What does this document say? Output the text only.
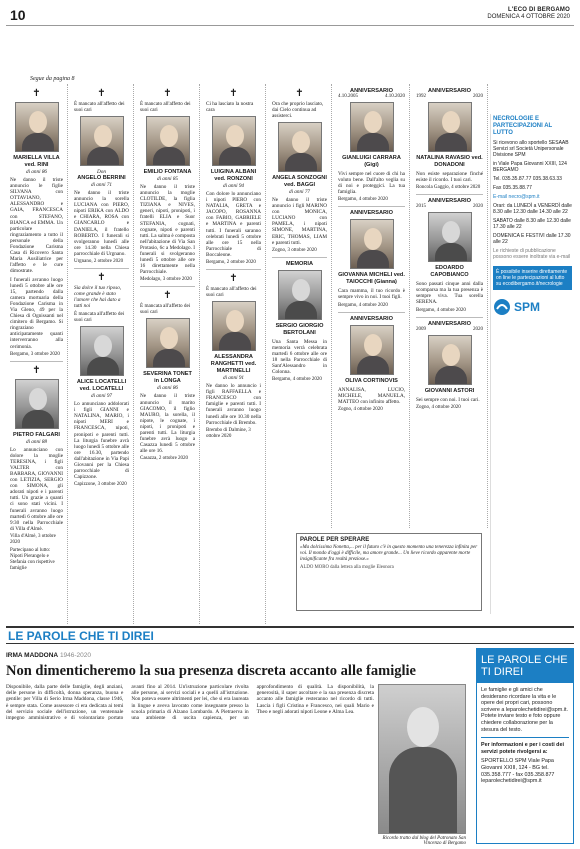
10	L'ECO DI BERGAMO
DOMENICA 4 OTTOBRE 2020
Segue da pagina 8
✝
MARIELLA VILLA ved. RINI
di anni 86
Ne danno il triste annuncio le figlie SILVANA con OTTAVIANO, ALESSANDRO e GAIA, FRANCESCA con STEFANO, BIANCA ed EMMA. Un particolare ringraziamento a tutto il personale della Fondazione Carisma Casa di Ricovero Santa Maria Ausiliatrice per l'affetto e le cure dimostrate.
I funerali avranno luogo lunedì 5 ottobre alle ore 15, partendo dalla camera mortuaria della Fondazione Carisma in Via Gleno, 49 per la Chiesa di Ognissanti nel cimitero di Bergamo. Si ringraziano anticipatamente quanti interverranno alla cerimonia.
Bergamo, 3 ottobre 2020
✝
PIETRO FALGARI
di anni 88
Lo annunciano con dolore la moglie TERESINA, i figli VALTER con BARBARA, GIOVANNI con LETIZIA, SERGIO con SIMONA, gli adorati nipoti e i parenti tutti. Un grazie a quanti ci sono stati vicini. I funerali avranno luogo martedì 6 ottobre alle ore 9:30 nella Parrocchiale di Villa d'Almè.
Villa d'Almè, 3 ottobre 2020
Partecipano al lutto: Nipoti Pierangelo e Stefania con rispettive famiglie
✝
È mancato all'affetto dei suoi cari
Don
ANGELO BERRINI
di anni 71
Ne danno il triste annuncio la sorella LUCIANA con PIERO, nipoti ERIKA con ALDO e CHIARA, ROSA con GIANCARLO e DANIELA, il fratello ROBERTO. I funerali si svolgeranno lunedì alle ore 14.30 nella Chiesa parrocchiale di Urgnano.
Urgnano, 2 ottobre 2020
✝
Sia dolce il tuo riposo, come grande è stato l'amore che hai dato a tutti noi
È mancata all'affetto dei suoi cari
ALICE LOCATELLI ved. LOCATELLI
di anni 97
Lo annunciano addolorati i figli GIANNI e NATALINA, MARIO, i nipoti MERI e FRANCESCA, nipoti, pronipoti e parenti tutti. La liturgia funebre avrà luogo lunedì 5 ottobre alle ore 16.30, partendo dall'abitazione in Via Papi Giovanni per la Chiesa parrocchiale di Capizzone.
Capizzone, 3 ottobre 2020
✝
È mancato all'affetto dei suoi cari
EMILIO FONTANA
di anni 85
Ne danno il triste annuncio la moglie CLOTILDE, la figlia TIZIANA e NIVES, generi, nipoti, pronipoti, i fratelli ELIA e Suor STEFANIA, cognati, cognate, nipoti e parenti tutti. La salma è composta nell'abitazione di Via San Protasio, 6c a Medolago. I funerali si svolgeranno lunedì 5 ottobre alle ore 16 direttamente nella Parrocchiale.
Medolago, 3 ottobre 2020
✝
È mancata all'affetto dei suoi cari
SEVERINA TONET in LONGA
di anni 86
Ne danno il triste annuncio il marito GIACOMO, il figlio MAURO, la sorella, il nipote, le cognate, i nipoti, i pronipoti e parenti tutti. La liturgia funebre avrà luogo a Casazza lunedì 5 ottobre alle ore 16.
Casazza, 2 ottobre 2020
✝
Ci ha lasciato la nostra cara
LUIGINA ALBANI ved. RONZONI
di anni 94
Con dolore lo annunciano i nipoti PIERO con NATALIA, GRETA e JACOPO, ROSANNA con FABIO, GABRIELE e MARTINA e parenti tutti. I funerali saranno celebrati lunedì 5 ottobre alle ore 15 nella Parrocchiale di Boccaleone.
Bergamo, 2 ottobre 2020
✝
È mancato all'affetto dei suoi cari
ALESSANDRA RANGHETTI ved. MARTINELLI
di anni 91
Ne danno lo annuncio i figli RAFFAELLA e FRANCESCO con famiglie e parenti tutti. I funerali avranno luogo lunedì alle ore 10.30 nella Parrocchiale di Brembo.
Brembo di Dalmine, 3 ottobre 2020
✝
Ora che proprio lasciato, dai Cielo continua ad assisterci.
ANGELA SONZOGNI ved. BAGGI
di anni 77
Ne danno il triste annuncio i figli MARINO con MONICA, LUCIANO con PAMELA, i nipoti SIMONE, MARTINA, ERIC, THOMAS, LIAM e parenti tutti.
Zogno, 3 ottobre 2020
MEMORIA
SERGIO GIORGIO BERTOLANI
Una Santa Messa in memoria verrà celebrata martedì 6 ottobre alle ore 18 nella Parrocchiale di Sant'Alessandro in Colonna.
Bergamo, 4 ottobre 2020
ANNIVERSARIO
4.10.2005	4.10.2020
GIANLUIGI CARRARA (Gigi)
Vivi sempre nel cuore di chi ha voluto bene. Dall'alto veglia su di noi e proteggici. La tua famiglia.
Bergamo, 4 ottobre 2020
ANNIVERSARIO
GIOVANNA MICHELI ved. TAIOCCHI (Gianna)
Cara mamma, il tuo ricordo è sempre vivo in noi. I tuoi figli.
Bergamo, 4 ottobre 2020
ANNIVERSARIO
OLIVA CORTINOVIS
ANNALISA, LUCIO, MICHELE, MANUELA, MATTEO con infinito affetto.
Zogno, 4 ottobre 2020
ANNIVERSARIO
1992	2020
NATALINA RAVASIO ved. DONADONI
Non esiste separazione finché esiste il ricordo. I tuoi cari.
Roncola Gaggio, 4 ottobre 2020
ANNIVERSARIO
2015	2020
EDOARDO CAPOBIANCO
Sono passati cinque anni dalla scomparsa ma la tua presenza è sempre viva. Tua sorella SERENA.
Bergamo, 4 ottobre 2020
ANNIVERSARIO
2009	2020
GIOVANNI ASTORI
Sei sempre con noi. I tuoi cari.
Zogno, 4 ottobre 2020
PAROLE PER SPERARE
«Ma dolcissima Nonetta,... per il futuro c'è in questo momento una tenerezza infinita per voi. Il mondo d'oggi è difficile, ma amore grande... Un lieve ricordo apparente morte insignificante fra realtà preziose.»
ALDO MORO dalla lettera alla moglie Eleonora
NECROLOGIE E PARTECIPAZIONI AL LUTTO
Si ricevono allo sportello SESAAB Servizi srl Società Unipersonale Divisione SPM
in Viale Papa Giovanni XXIII, 124 BERGAMO
Tel. 035.35.87.77 035.38.63.33
Fax 035.35.88.77
E-mail necro@spm.it
Orari: da LUNEDÌ a VENERDÌ dalle 8.30 alle 12.30 dalle 14.30 alle 22
SABATO dalle 8.30 alle 12.30 dalle 17.30 alle 22
DOMENICA E FESTIVI dalle 17.30 alle 22
Le richieste di pubblicazione possono essere inoltrate via e-mail
È possibile inserire direttamente on line le partecipazioni al lutto su ecodibergamo.it/necrologie
SPM
LE PAROLE CHE TI DIREI
IRMA MADDONA 1946-2020
Non dimenticheremo la sua presenza discreta accanto alle famiglie
Disponibile, dalla parte delle famiglie, degli anziani, delle persone in difficoltà, donna speranza, buona e gentile: per Villa di Serio Irma Maddona, classe 1946, è sempre stata. Come assessore ci era dedicata ai temi del servizio sociale dell'istruzione, un ventennale impegno amministrativo e di volontariato portato avanti fino al 2014. Un'istruzione particolare rivolta alle persone, ai servizi sociali e a quelli all'istruzione. Non poteva essere altrimenti per lei, che si era laureata in lingue e aveva lavorato come insegnante presso la scuola primaria di Alzano Lombardo. A Pietraerva in una ambiente di uscita capienza, per un approfondimento di qualità. La disponibilità, la generosità, il saper ascoltare e la sua presenza discreta accanto alle famiglie resteranno nel ricordo di tutti. Lascia i figli Cristina e Francesco, nei quali Mario e Theo e negli adorati nipoti Leone e Alma Lea.
Ricordo tratto dal blog del Patronato San Vincenzo di Bergamo
LE PAROLE CHE TI DIREI
Le famiglie e gli amici che desiderano ricordare la vita e le opere dei propri cari, possono scrivere a leparolechetidirei@spm.it. Potete inviare testo e foto oppure chiedere collaborazione per la stesura del testo.
Per informazioni e per i costi dei servizi potete rivolgersi a:
SPORTELLO SPM Viale Papa Giovanni XXIII, 124 - BG tel. 035.358.777 - fax 035.358.877 leparolechetidirei@spm.it
